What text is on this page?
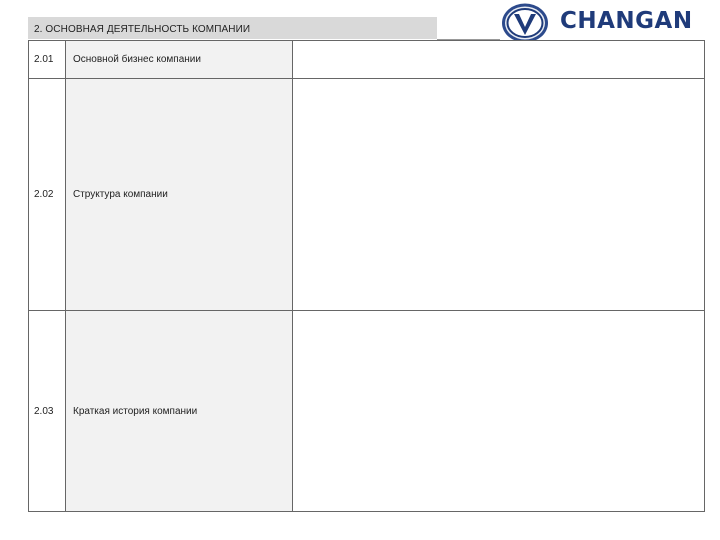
2. ОСНОВНАЯ ДЕЯТЕЛЬНОСТЬ КОМПАНИИ	CHANGAN
2.01	Основной бизнес компании	
2.02	Структура компании	
2.03	Краткая история компании	
